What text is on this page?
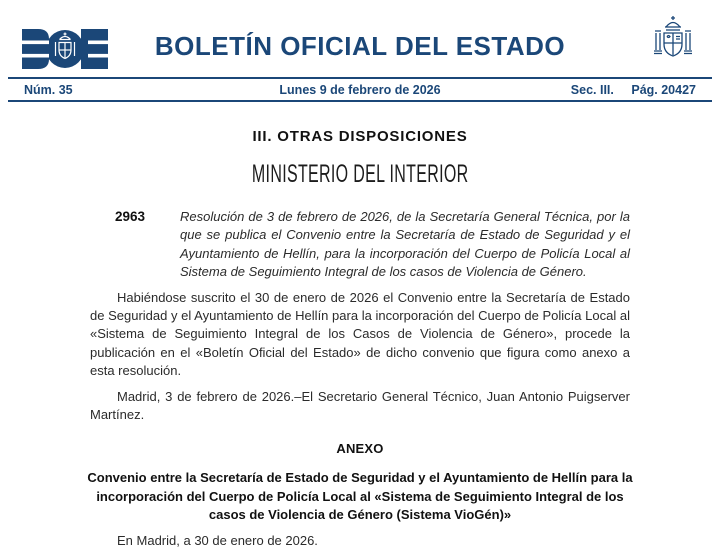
BOLETÍN OFICIAL DEL ESTADO
Núm. 35	Lunes 9 de febrero de 2026	Sec. III. Pág. 20427
III. OTRAS DISPOSICIONES
MINISTERIO DEL INTERIOR
2963	Resolución de 3 de febrero de 2026, de la Secretaría General Técnica, por la que se publica el Convenio entre la Secretaría de Estado de Seguridad y el Ayuntamiento de Hellín, para la incorporación del Cuerpo de Policía Local al Sistema de Seguimiento Integral de los casos de Violencia de Género.

Habiéndose suscrito el 30 de enero de 2026 el Convenio entre la Secretaría de Estado de Seguridad y el Ayuntamiento de Hellín para la incorporación del Cuerpo de Policía Local al «Sistema de Seguimiento Integral de los Casos de Violencia de Género», procede la publicación en el «Boletín Oficial del Estado» de dicho convenio que figura como anexo a esta resolución.

Madrid, 3 de febrero de 2026.–El Secretario General Técnico, Juan Antonio Puigserver Martínez.

ANEXO

Convenio entre la Secretaría de Estado de Seguridad y el Ayuntamiento de Hellín para la incorporación del Cuerpo de Policía Local al «Sistema de Seguimiento Integral de los casos de Violencia de Género (Sistema VioGén)»

En Madrid, a 30 de enero de 2026.
